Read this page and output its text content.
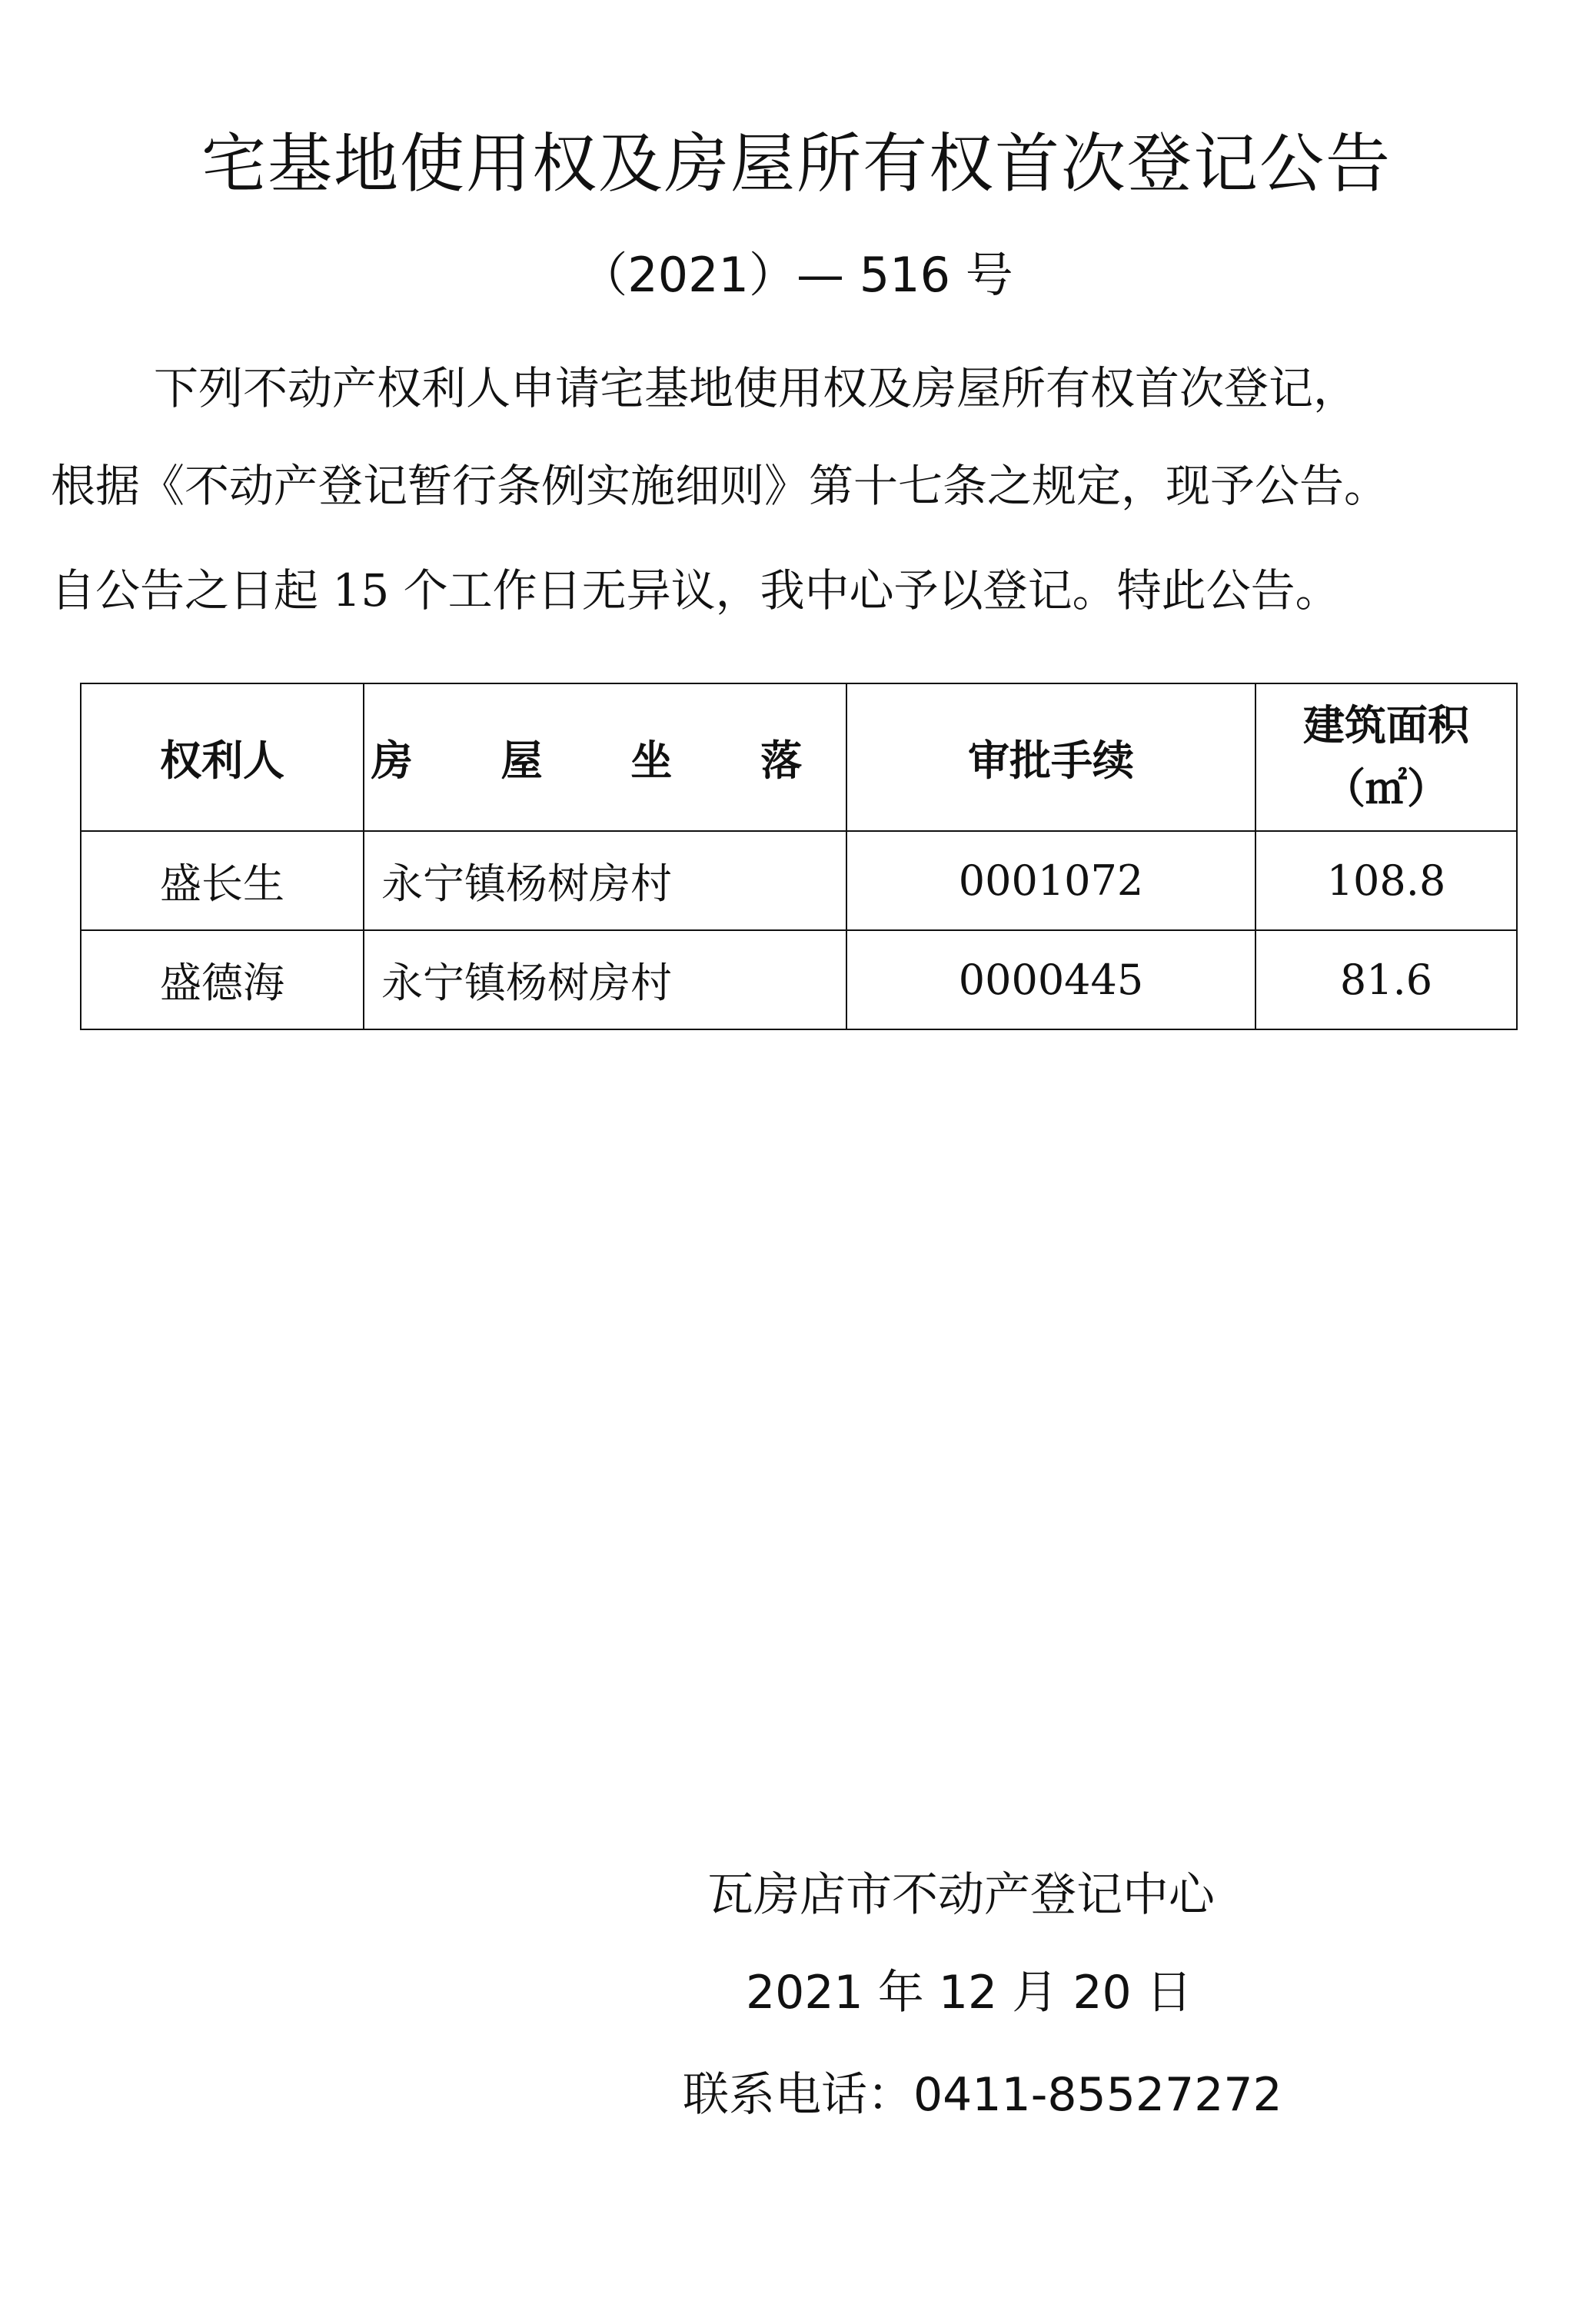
宅基地使用权及房屋所有权首次登记公告
（2021）— 516 号
下列不动产权利人申请宅基地使用权及房屋所有权首次登记，
根据《不动产登记暂行条例实施细则》第十七条之规定，现予公告。
自公告之日起 15 个工作日无异议，我中心予以登记。特此公告。
权利人	房 屋 坐 落	审批手续	建筑面积
（㎡）

盛长生	永宁镇杨树房村	0001072	108.8
盛德海	永宁镇杨树房村	0000445	81.6
瓦房店市不动产登记中心
2021 年 12 月 20 日
联系电话：0411-85527272
